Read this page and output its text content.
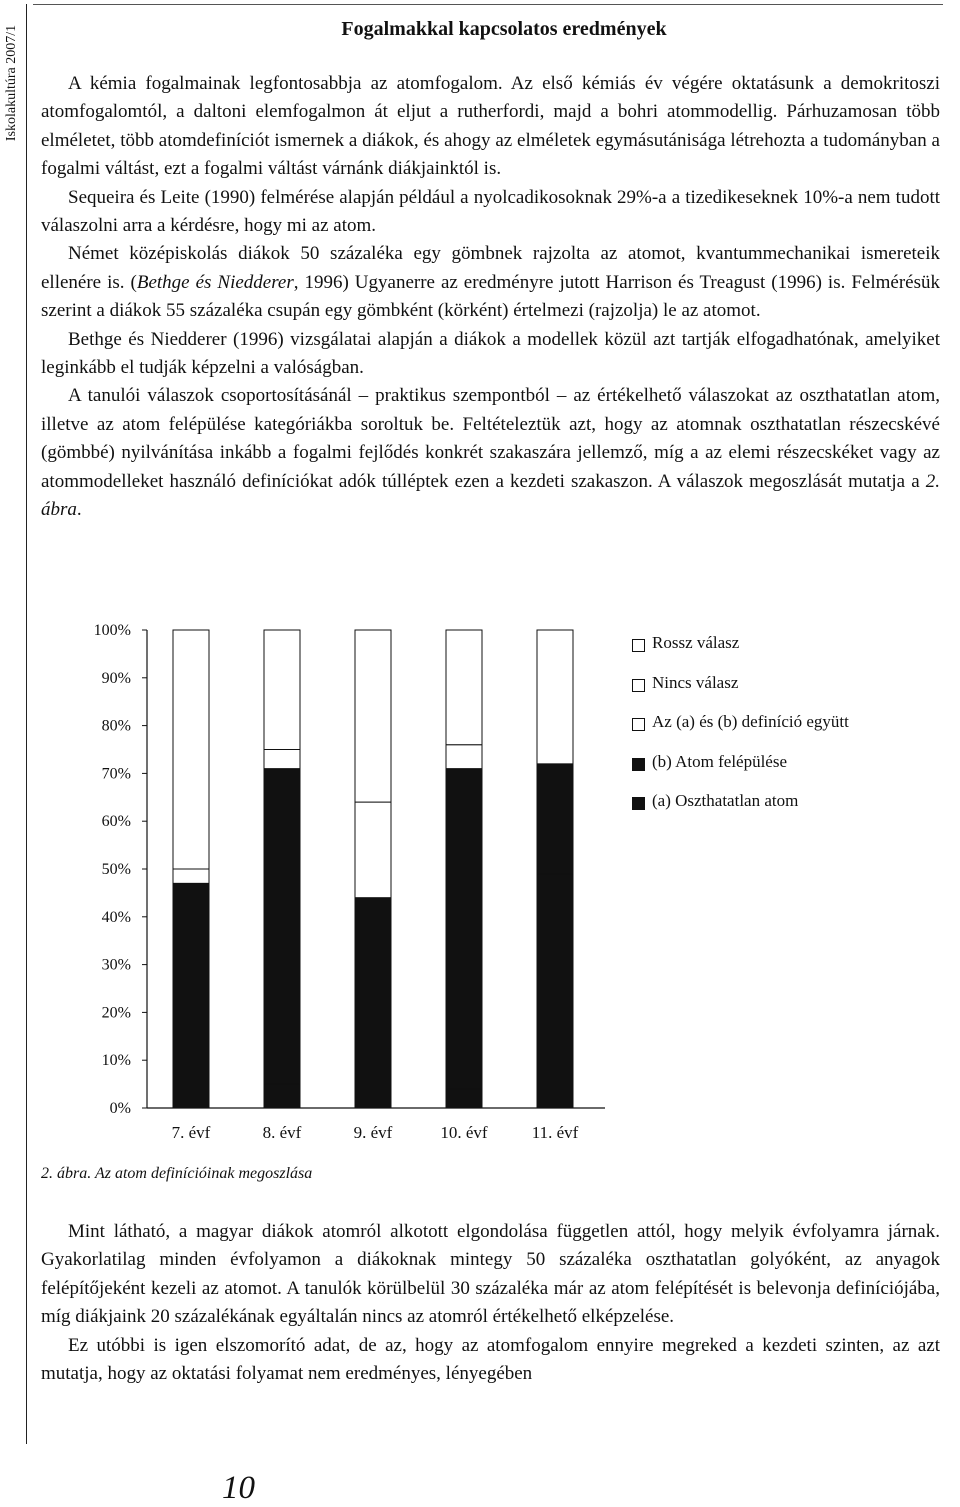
Iskolakultúra 2007/1	Fogalmakkal kapcsolatos eredmények

A kémia fogalmainak legfontosabbja az atomfogalom. Az első kémiás év végére oktatásunk a demokritoszi atomfogalomtól, a daltoni elemfogalmon át eljut a rutherfordi, majd a bohri atommodellig. Párhuzamosan több elméletet, több atomdefiníciót ismernek a diákok, és ahogy az elméletek egymásutánisága létrehozta a tudományban a fogalmi váltást, ezt a fogalmi váltást várnánk diákjainktól is.

Sequeira és Leite (1990) felmérése alapján például a nyolcadikosoknak 29%-a a tizedikeseknek 10%-a nem tudott válaszolni arra a kérdésre, hogy mi az atom.

Német középiskolás diákok 50 százaléka egy gömbnek rajzolta az atomot, kvantummechanikai ismereteik ellenére is. (Bethge és Niedderer, 1996) Ugyanerre az eredményre jutott Harrison és Treagust (1996) is. Felmérésük szerint a diákok 55 százaléka csupán egy gömbként (körként) értelmezi (rajzolja) le az atomot.

Bethge és Niedderer (1996) vizsgálatai alapján a diákok a modellek közül azt tartják elfogadhatónak, amelyiket leginkább el tudják képzelni a valóságban.

A tanulói válaszok csoportosításánál – praktikus szempontból – az értékelhető válaszokat az oszthatatlan atom, illetve az atom felépülése kategóriákba soroltuk be. Feltételeztük azt, hogy az atomnak oszthatatlan részecskévé (gömbbé) nyilvánítása inkább a fogalmi fejlődés konkrét szakaszára jellemző, míg a az elemi részecskéket vagy az atommodelleket használó definíciókat adók túlléptek ezen a kezdeti szakaszon. A válaszok megoszlását mutatja a 2. ábra.

0%
10%
20%
30%
40%
50%
60%
70%
80%
90%
100%
7. évf	8. évf	9. évf	10. évf	11. évf
Rossz válasz
Nincs válasz
Az (a) és (b) definíció együtt
(b) Atom felépülése
(a) Oszthatatlan atom
2. ábra. Az atom definícióinak megoszlása

Mint látható, a magyar diákok atomról alkotott elgondolása független attól, hogy melyik évfolyamra járnak. Gyakorlatilag minden évfolyamon a diákoknak mintegy 50 százaléka oszthatatlan golyóként, az anyagok felépítőjeként kezeli az atomot. A tanulók körülbelül 30 százaléka már az atom felépítését is belevonja definíciójába, míg diákjaink 20 százalékának egyáltalán nincs az atomról értékelhető elképzelése.

Ez utóbbi is igen elszomorító adat, de az, hogy az atomfogalom ennyire megreked a kezdeti szinten, az azt mutatja, hogy az oktatási folyamat nem eredményes, lényegében

10
